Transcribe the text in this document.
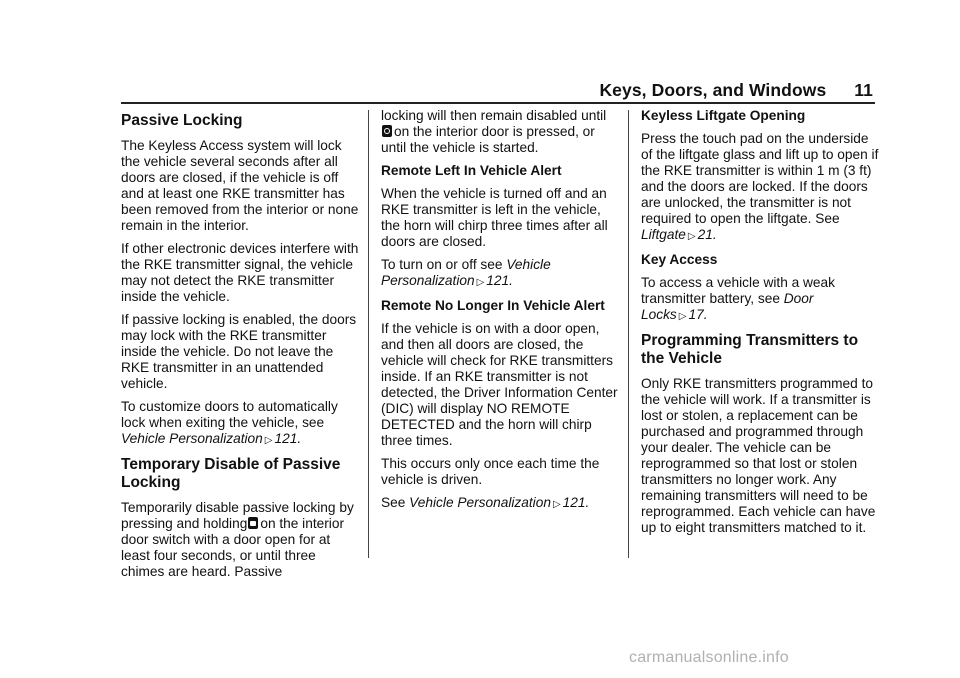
Keys, Doors, and Windows 11
Passive Locking

The Keyless Access system will lock the vehicle several seconds after all doors are closed, if the vehicle is off and at least one RKE transmitter has been removed from the interior or none remain in the interior.

If other electronic devices interfere with the RKE transmitter signal, the vehicle may not detect the RKE transmitter inside the vehicle.

If passive locking is enabled, the doors may lock with the RKE transmitter inside the vehicle. Do not leave the RKE transmitter in an unattended vehicle.

To customize doors to automatically lock when exiting the vehicle, see Vehicle Personalization ▷ 121.

Temporary Disable of Passive Locking

Temporarily disable passive locking by pressing and holding on the interior door switch with a door open for at least four seconds, or until three chimes are heard. Passive

locking will then remain disabled until on the interior door is pressed, or until the vehicle is started.

Remote Left In Vehicle Alert

When the vehicle is turned off and an RKE transmitter is left in the vehicle, the horn will chirp three times after all doors are closed.

To turn on or off see Vehicle Personalization ▷ 121.

Remote No Longer In Vehicle Alert

If the vehicle is on with a door open, and then all doors are closed, the vehicle will check for RKE transmitters inside. If an RKE transmitter is not detected, the Driver Information Center (DIC) will display NO REMOTE DETECTED and the horn will chirp three times.

This occurs only once each time the vehicle is driven.

See Vehicle Personalization ▷ 121.

Keyless Liftgate Opening

Press the touch pad on the underside of the liftgate glass and lift up to open if the RKE transmitter is within 1 m (3 ft) and the doors are locked. If the doors are unlocked, the transmitter is not required to open the liftgate. See Liftgate ▷ 21.

Key Access

To access a vehicle with a weak transmitter battery, see Door Locks ▷ 17.

Programming Transmitters to the Vehicle

Only RKE transmitters programmed to the vehicle will work. If a transmitter is lost or stolen, a replacement can be purchased and programmed through your dealer. The vehicle can be reprogrammed so that lost or stolen transmitters no longer work. Any remaining transmitters will need to be reprogrammed. Each vehicle can have up to eight transmitters matched to it.

carmanualsonline.info
